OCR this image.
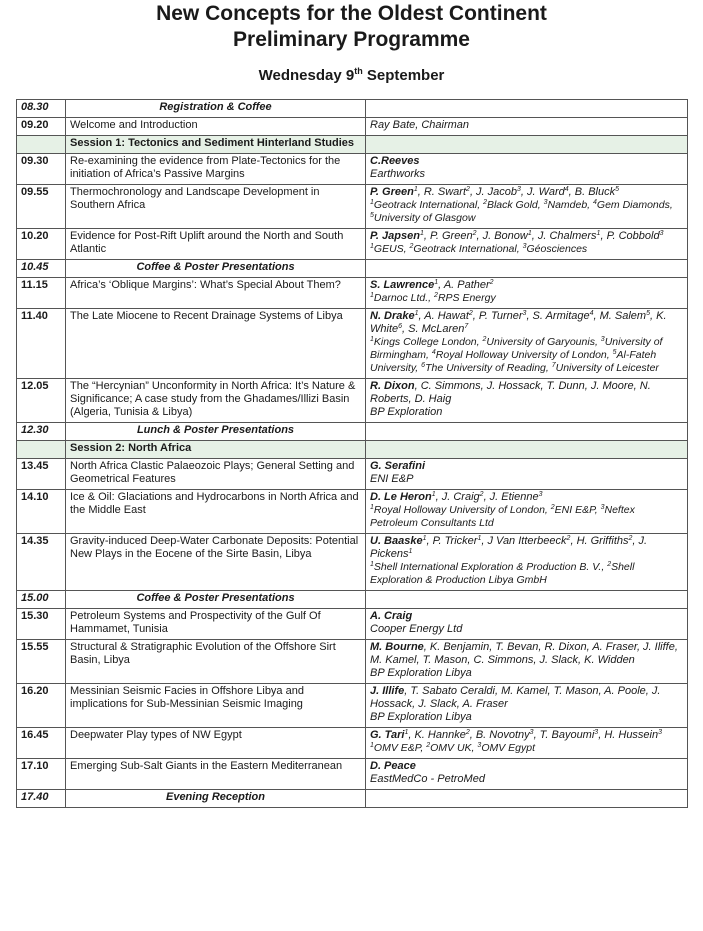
New Concepts for the Oldest Continent
Preliminary Programme
Wednesday 9th September
08.30	Registration & Coffee	
09.20	Welcome and Introduction	Ray Bate, Chairman
	Session 1: Tectonics and Sediment Hinterland Studies	
09.30	Re-examining the evidence from Plate-Tectonics for the initiation of Africa’s Passive Margins	C.Reeves
Earthworks

09.55	Thermochronology and Landscape Development in Southern Africa	P. Green$^1$, R. Swart$^2$, J. Jacob$^3$, J. Ward$^4$, B. Bluck$^5$
$^1$Geotrack International, $^2$Black Gold, $^3$Namdeb, $^4$Gem Diamonds, $^5$University of Glasgow

10.20	Evidence for Post-Rift Uplift around the North and South Atlantic	P. Japsen$^1$, P. Green$^2$, J. Bonow$^1$, J. Chalmers$^1$, P. Cobbold$^3$
$^1$GEUS, $^2$Geotrack International, $^3$Géosciences

10.45	Coffee & Poster Presentations	
11.15	Africa’s ‘Oblique Margins’: What’s Special About Them?	S. Lawrence$^1$, A. Pather$^2$
$^1$Darnoc Ltd., $^2$RPS Energy

11.40	The Late Miocene to Recent Drainage Systems of Libya	N. Drake$^1$, A. Hawat$^2$, P. Turner$^3$, S. Armitage$^4$, M. Salem$^5$, K. White$^6$, S. McLaren$^7$
$^1$Kings College London, $^2$University of Garyounis, $^3$University of Birmingham, $^4$Royal Holloway University of London, $^5$Al-Fateh University, $^6$The University of Reading, $^7$University of Leicester

12.05	The “Hercynian” Unconformity in North Africa: It’s Nature & Significance; A case study from the Ghadames/Illizi Basin (Algeria, Tunisia & Libya)	R. Dixon, C. Simmons, J. Hossack, T. Dunn, J. Moore, N. Roberts, D. Haig
BP Exploration

12.30	Lunch & Poster Presentations	
	Session 2: North Africa	
13.45	North Africa Clastic Palaeozoic Plays; General Setting and Geometrical Features	G. Serafini
ENI E&P

14.10	Ice & Oil: Glaciations and Hydrocarbons in North Africa and the Middle East	D. Le Heron$^1$, J. Craig$^2$, J. Etienne$^3$
$^1$Royal Holloway University of London, $^2$ENI E&P, $^3$Neftex Petroleum Consultants Ltd

14.35	Gravity-induced Deep-Water Carbonate Deposits: Potential New Plays in the Eocene of the Sirte Basin, Libya	U. Baaske$^1$, P. Tricker$^1$, J Van Itterbeeck$^2$, H. Griffiths$^2$, J. Pickens$^1$
$^1$Shell International Exploration & Production B. V., $^2$Shell Exploration & Production Libya GmbH

15.00	Coffee & Poster Presentations	
15.30	Petroleum Systems and Prospectivity of the Gulf Of Hammamet, Tunisia	A. Craig
Cooper Energy Ltd

15.55	Structural & Stratigraphic Evolution of the Offshore Sirt Basin, Libya	M. Bourne, K. Benjamin, T. Bevan, R. Dixon, A. Fraser, J. Iliffe, M. Kamel, T. Mason, C. Simmons, J. Slack, K. Widden
BP Exploration Libya

16.20	Messinian Seismic Facies in Offshore Libya and implications for Sub-Messinian Seismic Imaging	J. Illife, T. Sabato Ceraldi, M. Kamel, T. Mason, A. Poole, J. Hossack, J. Slack, A. Fraser
BP Exploration Libya

16.45	Deepwater Play types of NW Egypt	G. Tari$^1$, K. Hannke$^2$, B. Novotny$^3$, T. Bayoumi$^3$, H. Hussein$^3$
$^1$OMV E&P, $^2$OMV UK, $^3$OMV Egypt

17.10	Emerging Sub-Salt Giants in the Eastern Mediterranean	D. Peace
EastMedCo - PetroMed

17.40	Evening Reception	
